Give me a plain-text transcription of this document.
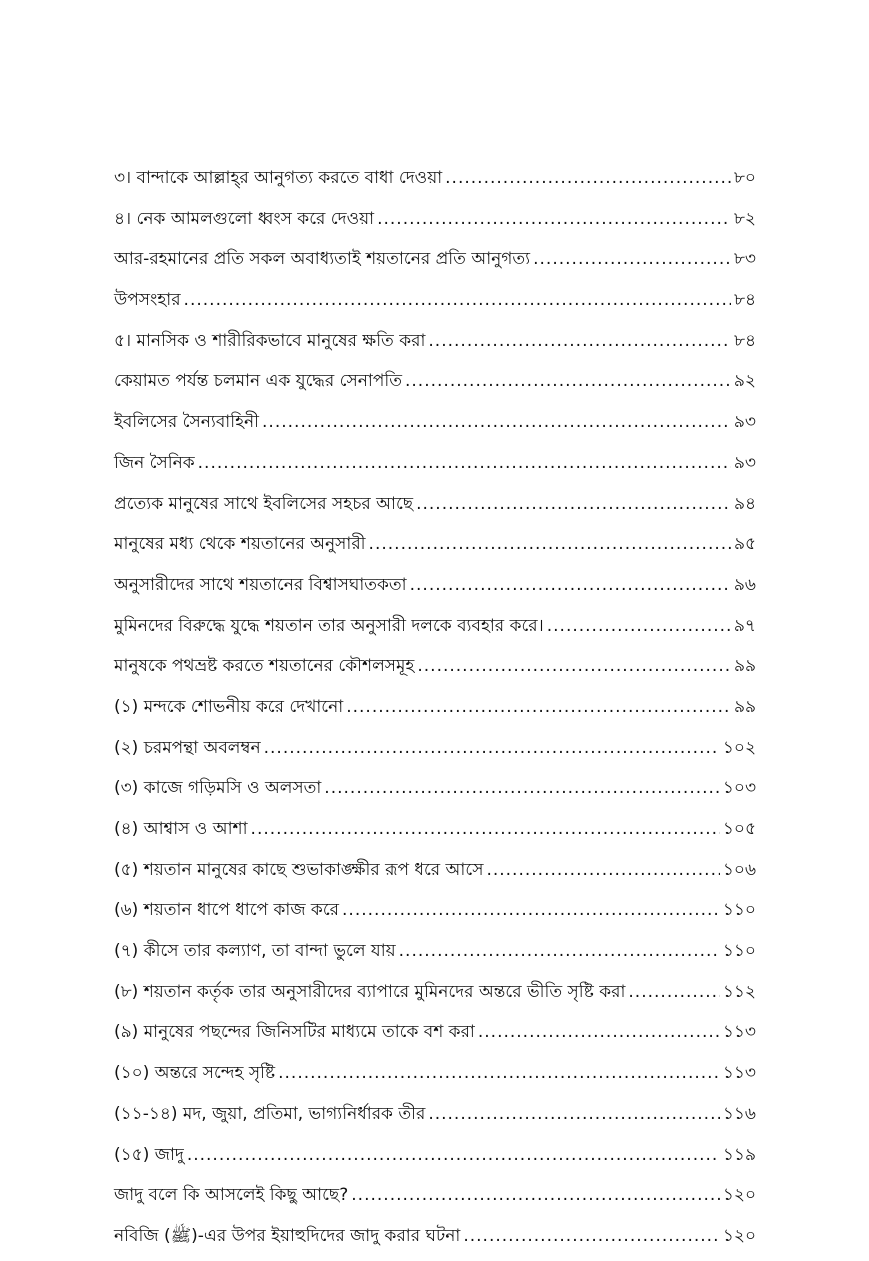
৩। বান্দাকে আল্লাহ্‌র আনুগত্য করতে বাধা দেওয়া .....	৮০
৪। নেক আমলগুলো ধ্বংস করে দেওয়া .....	৮২
আর-রহমানের প্রতি সকল অবাধ্যতাই শয়তানের প্রতি আনুগত্য .....	৮৩
উপসংহার .....	৮৪
৫। মানসিক ও শারীরিকভাবে মানুষের ক্ষতি করা .....	৮৪
কেয়ামত পর্যন্ত চলমান এক যুদ্ধের সেনাপতি .....	৯২
ইবলিসের সৈন্যবাহিনী .....	৯৩
জিন সৈনিক .....	৯৩
প্রত্যেক মানুষের সাথে ইবলিসের সহচর আছে .....	৯৪
মানুষের মধ্য থেকে শয়তানের অনুসারী .....	৯৫
অনুসারীদের সাথে শয়তানের বিশ্বাসঘাতকতা .....	৯৬
মুমিনদের বিরুদ্ধে যুদ্ধে শয়তান তার অনুসারী দলকে ব্যবহার করে। .....	৯৭
মানুষকে পথভ্রষ্ট করতে শয়তানের কৌশলসমূহ .....	৯৯
(১) মন্দকে শোভনীয় করে দেখানো .....	৯৯
(২) চরমপন্থা অবলম্বন .....	১০২
(৩) কাজে গড়িমসি ও অলসতা .....	১০৩
(৪) আশ্বাস ও আশা .....	১০৫
(৫) শয়তান মানুষের কাছে শুভাকাঙ্ক্ষীর রূপ ধরে আসে .....	১০৬
(৬) শয়তান ধাপে ধাপে কাজ করে .....	১১০
(৭) কীসে তার কল্যাণ, তা বান্দা ভুলে যায় .....	১১০
(৮) শয়তান কর্তৃক তার অনুসারীদের ব্যাপারে মুমিনদের অন্তরে ভীতি সৃষ্টি করা .....	১১২
(৯) মানুষের পছন্দের জিনিসটির মাধ্যমে তাকে বশ করা .....	১১৩
(১০) অন্তরে সন্দেহ সৃষ্টি .....	১১৩
(১১-১৪) মদ, জুয়া, প্রতিমা, ভাগ্যনির্ধারক তীর .....	১১৬
(১৫) জাদু .....	১১৯
জাদু বলে কি আসলেই কিছু আছে? .....	১২০
নবিজি (ﷺ)-এর উপর ইয়াহুদিদের জাদু করার ঘটনা .....	১২০
